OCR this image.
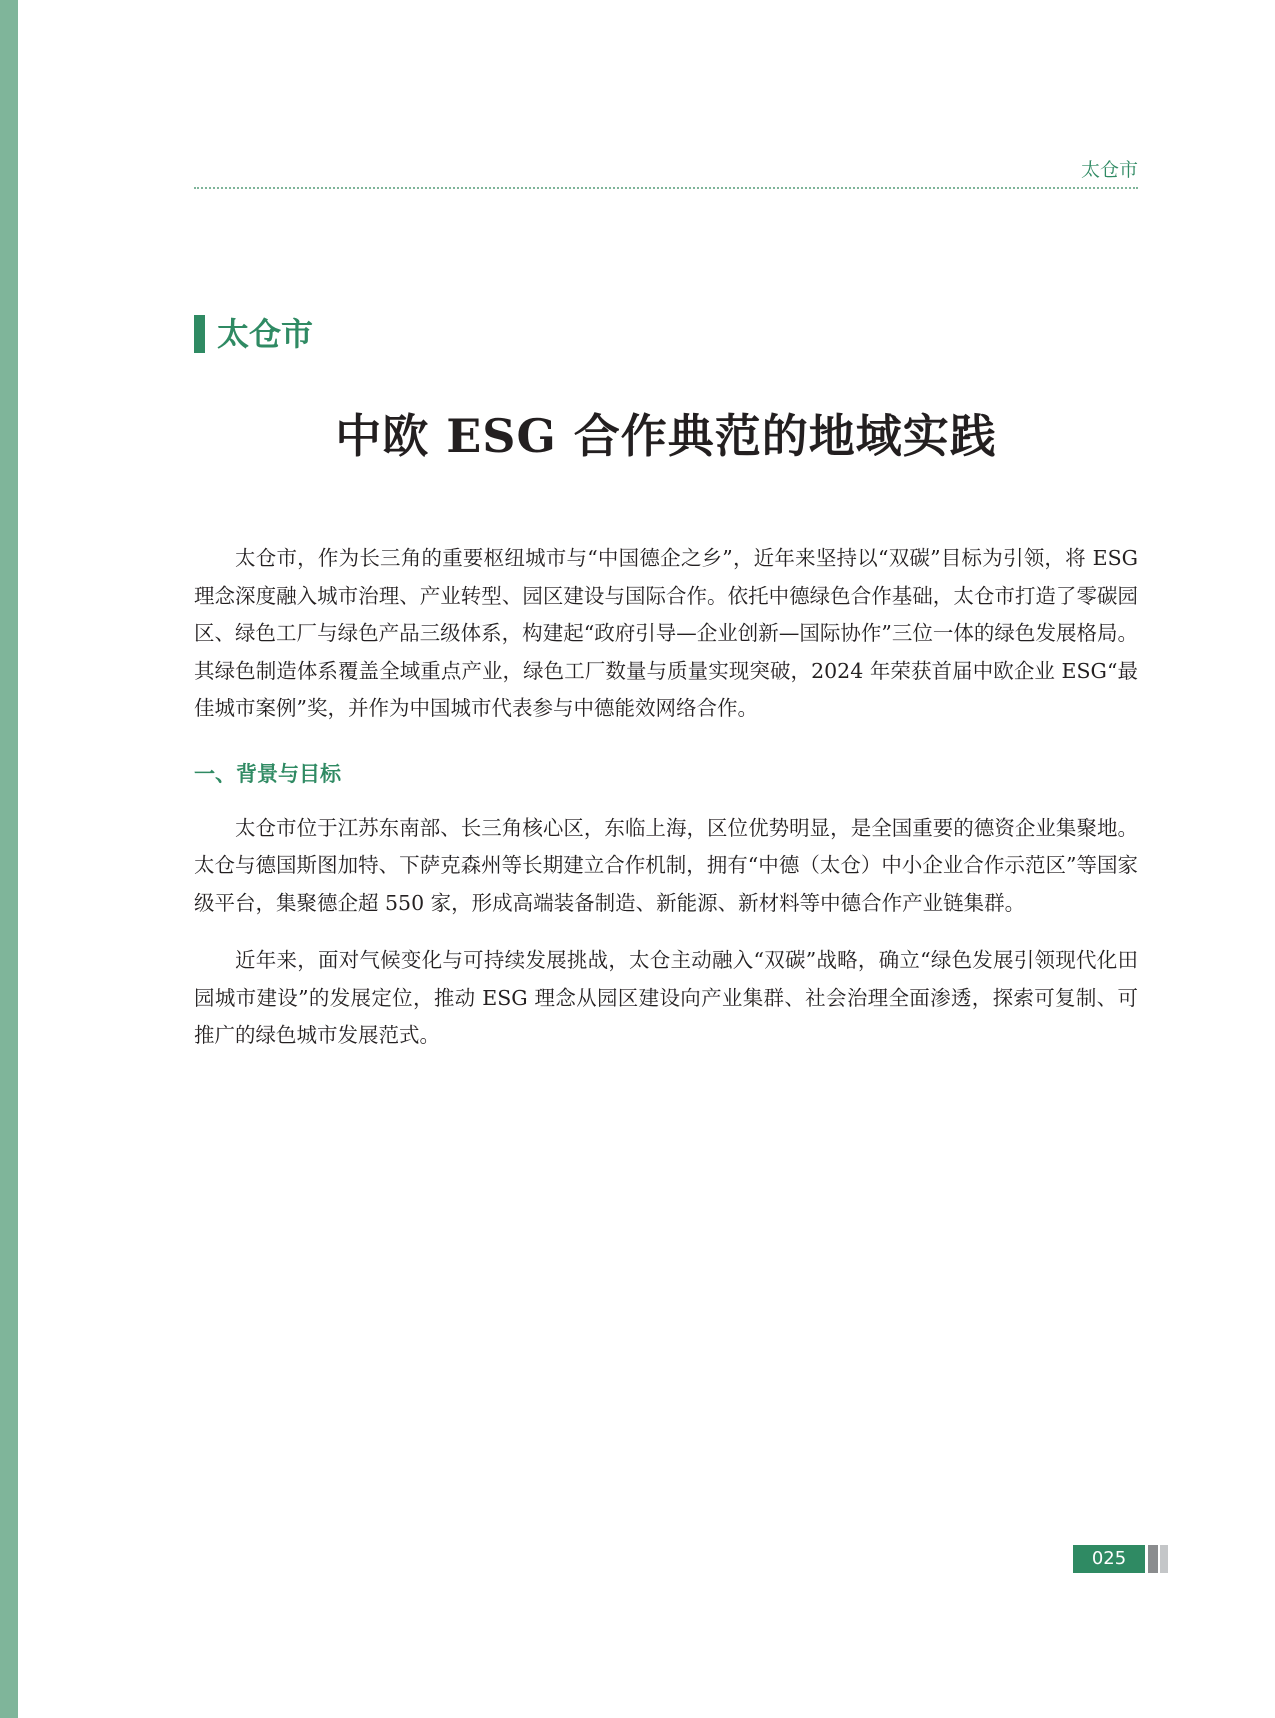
太仓市
太仓市
中欧 ESG 合作典范的地域实践

太仓市，作为长三角的重要枢纽城市与“中国德企之乡”，近年来坚持以“双碳”目标为引领，将 ESG 理念深度融入城市治理、产业转型、园区建设与国际合作。依托中德绿色合作基础，太仓市打造了零碳园区、绿色工厂与绿色产品三级体系，构建起“政府引导—企业创新—国际协作”三位一体的绿色发展格局。其绿色制造体系覆盖全域重点产业，绿色工厂数量与质量实现突破，2024 年荣获首届中欧企业 ESG“最佳城市案例”奖，并作为中国城市代表参与中德能效网络合作。

一、背景与目标

太仓市位于江苏东南部、长三角核心区，东临上海，区位优势明显，是全国重要的德资企业集聚地。太仓与德国斯图加特、下萨克森州等长期建立合作机制，拥有“中德（太仓）中小企业合作示范区”等国家级平台，集聚德企超 550 家，形成高端装备制造、新能源、新材料等中德合作产业链集群。

近年来，面对气候变化与可持续发展挑战，太仓主动融入“双碳”战略，确立“绿色发展引领现代化田园城市建设”的发展定位，推动 ESG 理念从园区建设向产业集群、社会治理全面渗透，探索可复制、可推广的绿色城市发展范式。

025
